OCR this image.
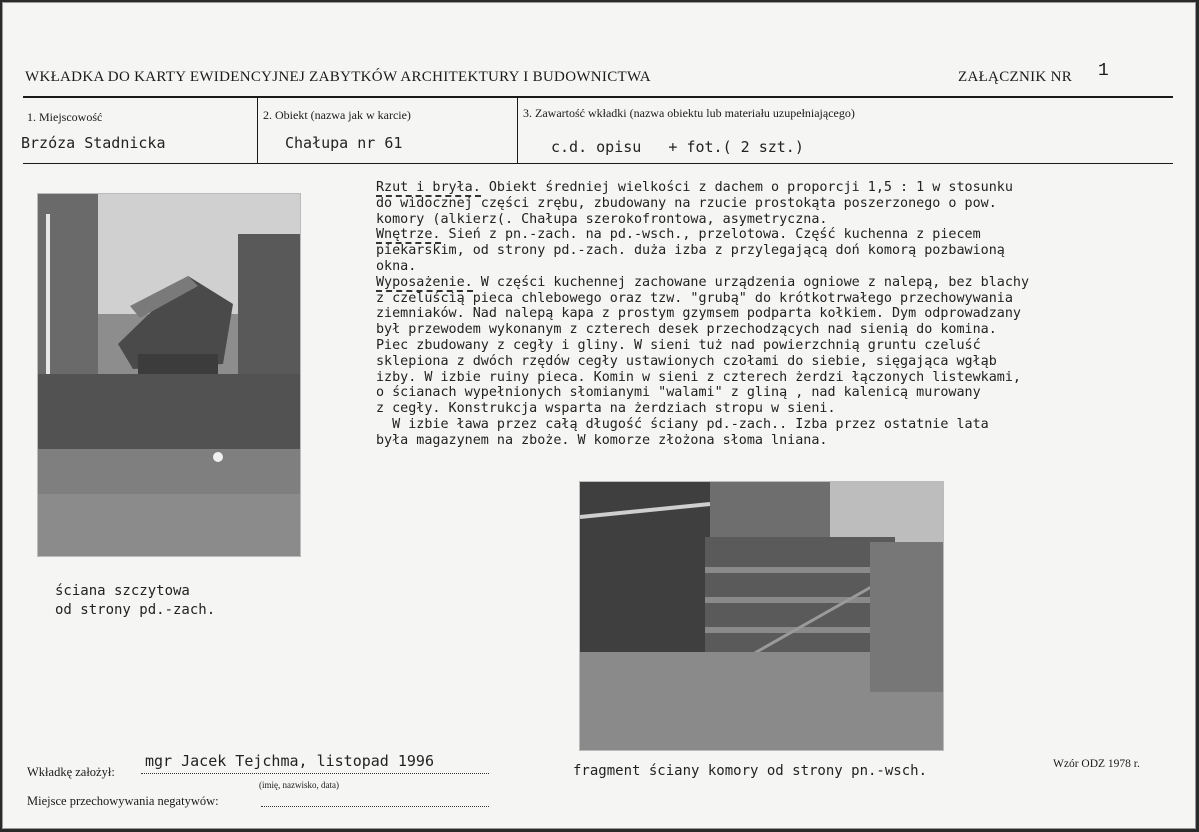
WKŁADKA DO KARTY EWIDENCYJNEJ ZABYTKÓW ARCHITEKTURY I BUDOWNICTWA	ZAŁĄCZNIK NR 1
1. Miejscowość
Brzóza Stadnicka
2. Obiekt (nazwa jak w karcie)
Chałupa nr 61
3. Zawartość wkładki (nazwa obiektu lub materiału uzupełniającego)
c.d. opisu   + fot.( 2 szt.)
Rzut i bryła. Obiekt średniej wielkości z dachem o proporcji 1,5 : 1 w stosunku
do widocznej części zrębu, zbudowany na rzucie prostokąta poszerzonego o pow.
komory (alkierz(. Chałupa szerokofrontowa, asymetryczna.
Wnętrze. Sień z pn.-zach. na pd.-wsch., przelotowa. Część kuchenna z piecem
piekarskim, od strony pd.-zach. duża izba z przylegającą doń komorą pozbawioną
okna.
Wyposażenie. W części kuchennej zachowane urządzenia ogniowe z nalepą, bez blachy
z czeluścią pieca chlebowego oraz tzw. "grubą" do krótkotrwałego przechowywania
ziemniaków. Nad nalepą kapa z prostym gzymsem podparta kołkiem. Dym odprowadzany
był przewodem wykonanym z czterech desek przechodzących nad sienią do komina.
Piec zbudowany z cegły i gliny. W sieni tuż nad powierzchnią gruntu czeluść
sklepiona z dwóch rzędów cegły ustawionych czołami do siebie, sięgająca wgłąb
izby. W izbie ruiny pieca. Komin w sieni z czterech żerdzi łączonych listewkami,
o ścianach wypełnionych słomianymi "walami" z gliną , nad kalenicą murowany
z cegły. Konstrukcja wsparta na żerdziach stropu w sieni.
W izbie ława przez całą długość ściany pd.-zach.. Izba przez ostatnie lata
była magazynem na zboże. W komorze złożona słoma lniana.
ściana szczytowa
od strony pd.-zach.
fragment ściany komory od strony pn.-wsch.
Wkładkę założył:
mgr Jacek Tejchma, listopad 1996
(imię, nazwisko, data)
Miejsce przechowywania negatywów:
Wzór ODZ 1978 r.
